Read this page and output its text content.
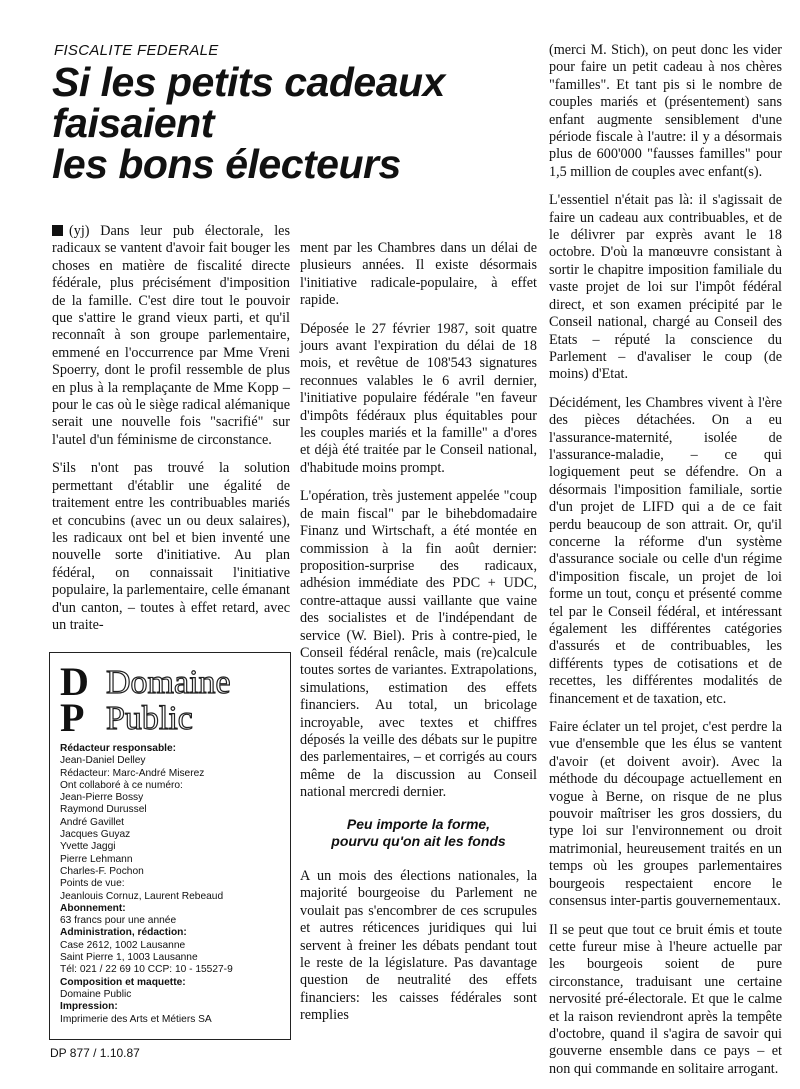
FISCALITE FEDERALE
Si les petits cadeaux
faisaient
les bons électeurs

(yj) Dans leur pub électorale, les radicaux se vantent d'avoir fait bouger les choses en matière de fiscalité directe fédérale, plus précisément d'imposition de la famille. C'est dire tout le pouvoir que s'attire le grand vieux parti, et qu'il reconnaît à son groupe parlementaire, emmené en l'occurrence par Mme Vreni Spoerry, dont le profil ressemble de plus en plus à la remplaçante de Mme Kopp – pour le cas où le siège radical alémanique serait une nouvelle fois "sacrifié" sur l'autel d'un féminisme de circonstance.

S'ils n'ont pas trouvé la solution permettant d'établir une égalité de traitement entre les contribuables mariés et concubins (avec un ou deux salaires), les radicaux ont bel et bien inventé une nouvelle sorte d'initiative. Au plan fédéral, on connaissait l'initiative populaire, la parlementaire, celle émanant d'un canton, – toutes à effet retard, avec un traite-

ment par les Chambres dans un délai de plusieurs années. Il existe désormais l'initiative radicale-populaire, à effet rapide.

Déposée le 27 février 1987, soit quatre jours avant l'expiration du délai de 18 mois, et revêtue de 108'543 signatures reconnues valables le 6 avril dernier, l'initiative populaire fédérale "en faveur d'impôts fédéraux plus équitables pour les couples mariés et la famille" a d'ores et déjà été traitée par le Conseil national, d'habitude moins prompt.

L'opération, très justement appelée "coup de main fiscal" par le bihebdomadaire Finanz und Wirtschaft, a été montée en commission à la fin août dernier: proposition-surprise des radicaux, adhésion immédiate des PDC + UDC, contre-attaque aussi vaillante que vaine des socialistes et de l'indépendant de service (W. Biel). Pris à contre-pied, le Conseil fédéral renâcle, mais (re)calcule toutes sortes de variantes. Extrapolations, simulations, estimation des effets financiers. Au total, un bricolage incroyable, avec textes et chiffres déposés la veille des débats sur le pupitre des parlementaires, – et corrigés au cours même de la discussion au Conseil national mercredi dernier.

Peu importe la forme,
pourvu qu'on ait les fonds

A un mois des élections nationales, la majorité bourgeoise du Parlement ne voulait pas s'encombrer de ces scrupules et autres réticences juridiques qui lui servent à freiner les débats pendant tout le reste de la législature. Pas davantage question de neutralité des effets financiers: les caisses fédérales sont remplies

(merci M. Stich), on peut donc les vider pour faire un petit cadeau à nos chères "familles". Et tant pis si le nombre de couples mariés et (présentement) sans enfant augmente sensiblement d'une période fiscale à l'autre: il y a désormais plus de 600'000 "fausses familles" pour 1,5 million de couples avec enfant(s).

L'essentiel n'était pas là: il s'agissait de faire un cadeau aux contribuables, et de le délivrer par exprès avant le 18 octobre. D'où la manœuvre consistant à sortir le chapitre imposition familiale du vaste projet de loi sur l'impôt fédéral direct, et son examen précipité par le Conseil national, chargé au Conseil des Etats – réputé la conscience du Parlement – d'avaliser le coup (de moins) d'Etat.

Décidément, les Chambres vivent à l'ère des pièces détachées. On a eu l'assurance-maternité, isolée de l'assurance-maladie, – ce qui logiquement peut se défendre. On a désormais l'imposition familiale, sortie d'un projet de LIFD qui a de ce fait perdu beaucoup de son attrait. Or, qu'il concerne la réforme d'un système d'assurance sociale ou celle d'un régime d'imposition fiscale, un projet de loi forme un tout, conçu et présenté comme tel par le Conseil fédéral, et intéressant également les différentes catégories d'assurés et de contribuables, les différents types de cotisations et de recettes, les différentes modalités de financement et de taxation, etc.

Faire éclater un tel projet, c'est perdre la vue d'ensemble que les élus se vantent d'avoir (et doivent avoir). Avec la méthode du découpage actuellement en vogue à Berne, on risque de ne plus pouvoir maîtriser les gros dossiers, du type loi sur l'environnement ou droit matrimonial, heureusement traités en un temps où les groupes parlementaires bourgeois respectaient encore le consensus inter-partis gouvernementaux.

Il se peut que tout ce bruit émis et toute cette fureur mise à l'heure actuelle par les bourgeois soient de pure circonstance, traduisant une certaine nervosité pré-électorale. Et que le calme et la raison reviendront après la tempête d'octobre, quand il s'agira de savoir qui gouverne ensemble dans ce pays – et non qui commande en solitaire arrogant.

D Domaine
Public
P
Rédacteur responsable:
Jean-Daniel Delley
Rédacteur: Marc-André Miserez
Ont collaboré à ce numéro:
Jean-Pierre Bossy
Raymond Durussel
André Gavillet
Jacques Guyaz
Yvette Jaggi
Pierre Lehmann
Charles-F. Pochon
Points de vue:
Jeanlouis Cornuz, Laurent Rebeaud
Abonnement:
63 francs pour une année
Administration, rédaction:
Case 2612, 1002 Lausanne
Saint Pierre 1, 1003 Lausanne
Tél: 021 / 22 69 10 CCP: 10 - 15527-9
Composition et maquette:
Domaine Public
Impression:
Imprimerie des Arts et Métiers SA
DP 877 / 1.10.87
